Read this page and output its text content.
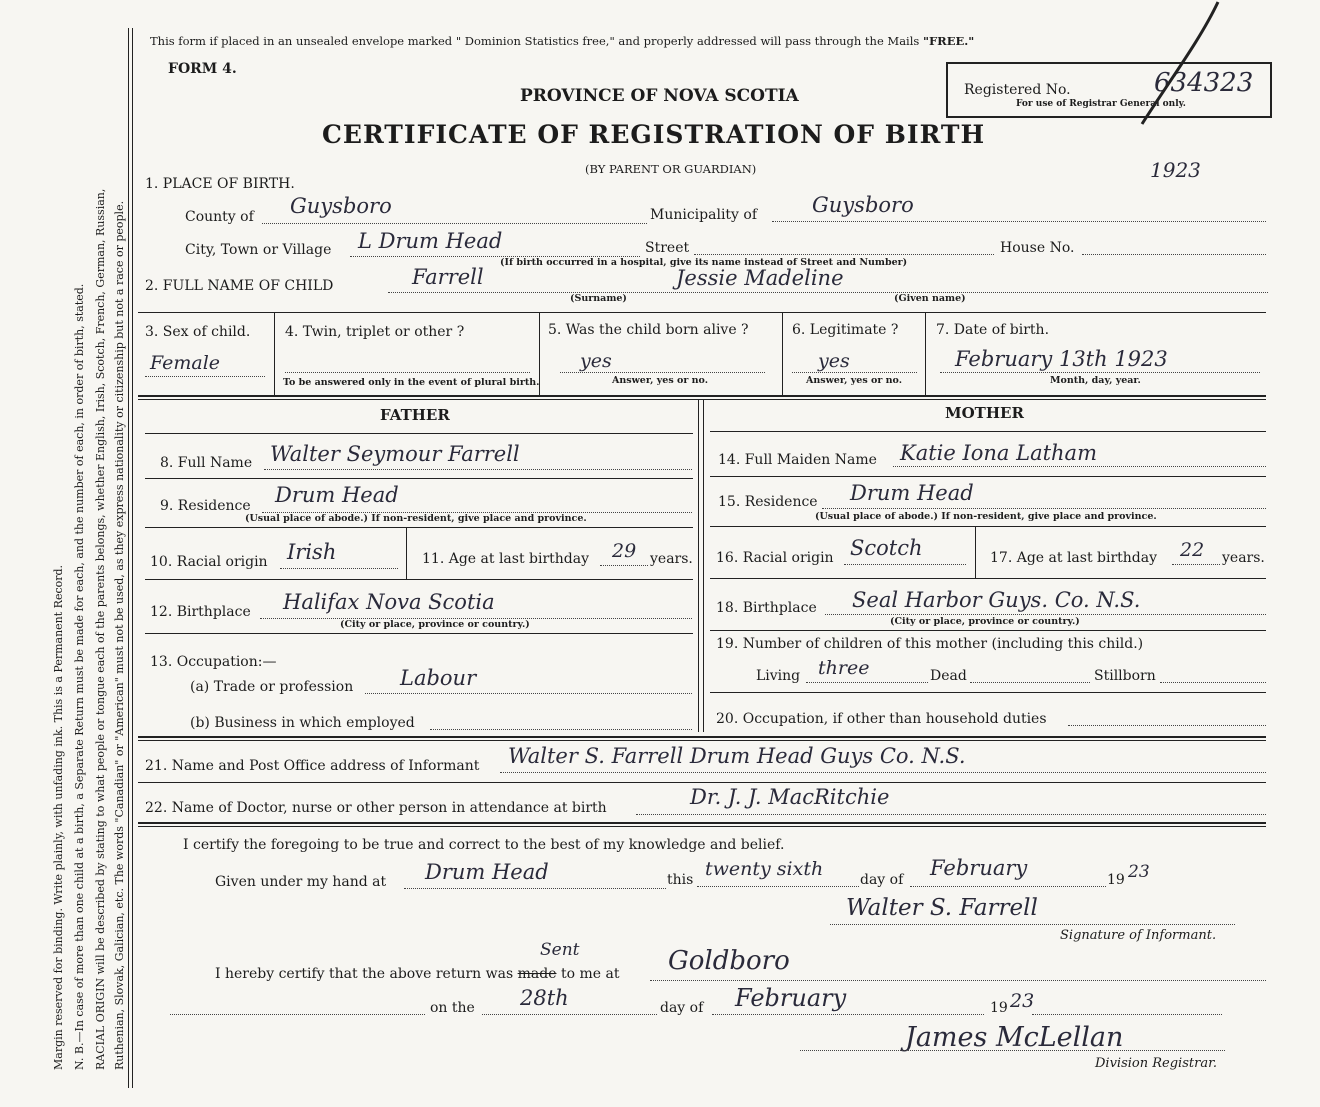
Margin reserved for binding. Write plainly, with unfading ink. This is a Permanent Record. N. B.—In case of more than one child at a birth, a Separate Return must be made for each, and the number of each, in order of birth, stated. RACIAL ORIGIN will be described by stating to what people or tongue each of the parents belongs, whether English, Irish, Scotch, French, German, Russian, Ruthenian, Slovak, Galician, etc. The words "Canadian" or "American" must not be used, as they express nationality or citizenship but not a race or people.
This form if placed in an unsealed envelope marked " Dominion Statistics free," and properly addressed will pass through the Mails "FREE."
FORM 4.
PROVINCE OF NOVA SCOTIA
CERTIFICATE OF REGISTRATION OF BIRTH
(BY PARENT OR GUARDIAN)
Registered No.
For use of Registrar General only.
634323
1923
1. PLACE OF BIRTH.
County of Guysboro	Municipality of	Guysboro
City, Town or Village L Drum Head	Street	House No.
(If birth occurred in a hospital, give its name instead of Street and Number)
2. FULL NAME OF CHILD	Farrell
(Surname)
Jessie Madeline
(Given name)
3. Sex of child.
Female
4. Twin, triplet or other ?
To be answered only in the event of plural birth.
5. Was the child born alive ?
yes
Answer, yes or no.
6. Legitimate ?
yes
Answer, yes or no.
7. Date of birth.
February 13th 1923
Month, day, year.
FATHER	MOTHER
8. Full Name Walter Seymour Farrell	14. Full Maiden Name Katie Iona Latham
9. Residence Drum Head
(Usual place of abode.) If non-resident, give place and province.
15. Residence Drum Head
(Usual place of abode.) If non-resident, give place and province.
10. Racial origin Irish	11. Age at last birthday 29 years. 16. Racial origin Scotch	17. Age at last birthday 22 years.
12. Birthplace Halifax Nova Scotia
(City or place, province or country.)
18. Birthplace Seal Harbor Guys. Co. N.S.
(City or place, province or country.)
13. Occupation:—
(a) Trade or profession Labour
(b) Business in which employed
19. Number of children of this mother (including this child.)
Living three	Dead	Stillborn
20. Occupation, if other than household duties
21. Name and Post Office address of Informant Walter S. Farrell Drum Head Guys Co. N.S.
22. Name of Doctor, nurse or other person in attendance at birth	Dr. J. J. MacRitchie
I certify the foregoing to be true and correct to the best of my knowledge and belief.
Given under my hand at Drum Head	this twenty sixth	day of February	19 23
Walter S. Farrell
Signature of Informant.
I hereby certify that the above return was made to me at
Sent	Goldboro
on the 28th	day of February	19 23
James McLellan
Division Registrar.
